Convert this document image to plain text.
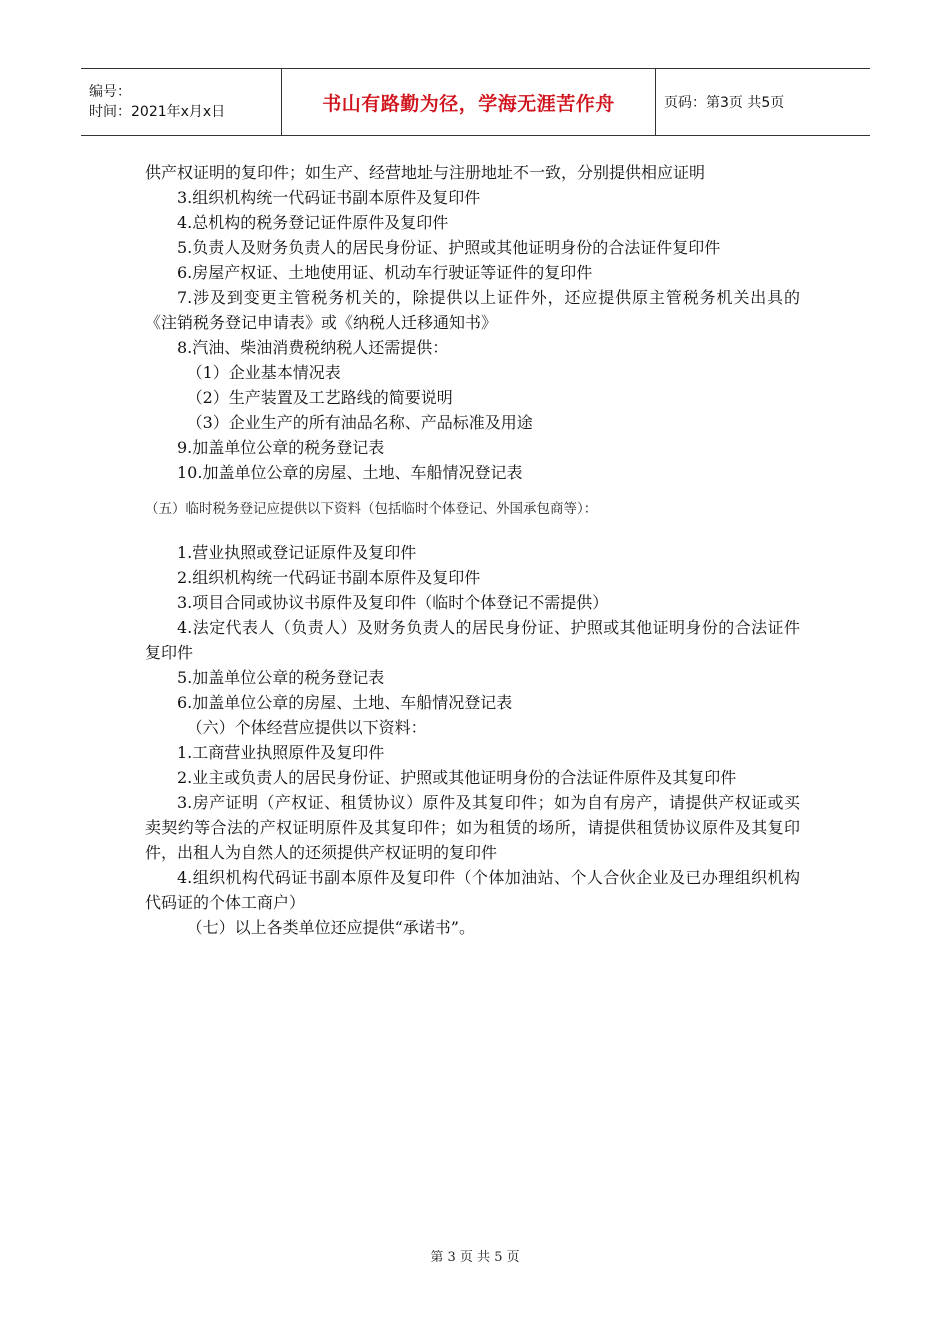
编号：
时间：2021年x月x日	书山有路勤为径，学海无涯苦作舟	页码：第3页 共5页

供产权证明的复印件；如生产、经营地址与注册地址不一致，分别提供相应证明

3.组织机构统一代码证书副本原件及复印件

4.总机构的税务登记证件原件及复印件

5.负责人及财务负责人的居民身份证、护照或其他证明身份的合法证件复印件

6.房屋产权证、土地使用证、机动车行驶证等证件的复印件

7.涉及到变更主管税务机关的，除提供以上证件外，还应提供原主管税务机关出具的《注销税务登记申请表》或《纳税人迁移通知书》

8.汽油、柴油消费税纳税人还需提供：

（1）企业基本情况表

（2）生产装置及工艺路线的简要说明

（3）企业生产的所有油品名称、产品标准及用途

9.加盖单位公章的税务登记表

10.加盖单位公章的房屋、土地、车船情况登记表

（五）临时税务登记应提供以下资料（包括临时个体登记、外国承包商等）：

1.营业执照或登记证原件及复印件

2.组织机构统一代码证书副本原件及复印件

3.项目合同或协议书原件及复印件（临时个体登记不需提供）

4.法定代表人（负责人）及财务负责人的居民身份证、护照或其他证明身份的合法证件复印件

5.加盖单位公章的税务登记表

6.加盖单位公章的房屋、土地、车船情况登记表

（六）个体经营应提供以下资料：

1.工商营业执照原件及复印件

2.业主或负责人的居民身份证、护照或其他证明身份的合法证件原件及其复印件

3.房产证明（产权证、租赁协议）原件及其复印件；如为自有房产，请提供产权证或买卖契约等合法的产权证明原件及其复印件；如为租赁的场所，请提供租赁协议原件及其复印件，出租人为自然人的还须提供产权证明的复印件

4.组织机构代码证书副本原件及复印件（个体加油站、个人合伙企业及已办理组织机构代码证的个体工商户）

（七）以上各类单位还应提供“承诺书”。

第 3 页 共 5 页
